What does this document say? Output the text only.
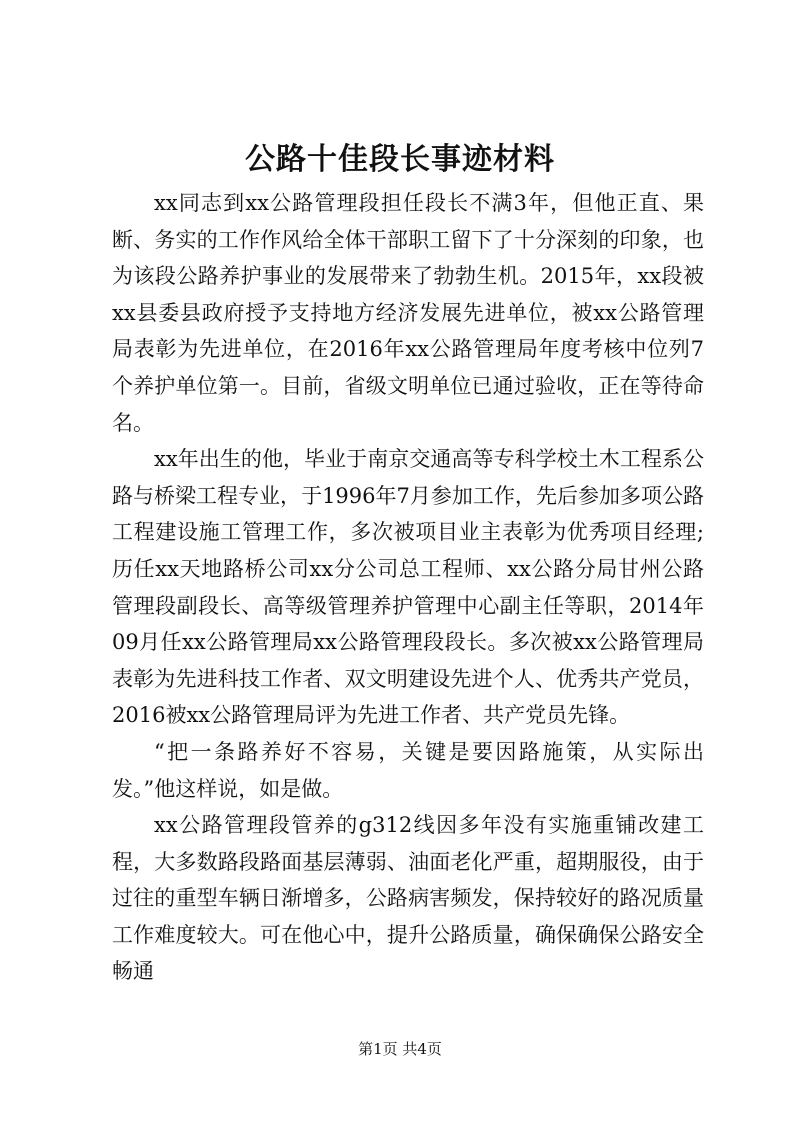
公路十佳段长事迹材料

xx同志到xx公路管理段担任段长不满3年，但他正直、果断、务实的工作作风给全体干部职工留下了十分深刻的印象，也为该段公路养护事业的发展带来了勃勃生机。2015年，xx段被xx县委县政府授予支持地方经济发展先进单位，被xx公路管理局表彰为先进单位，在2016年xx公路管理局年度考核中位列7个养护单位第一。目前，省级文明单位已通过验收，正在等待命名。

xx年出生的他，毕业于南京交通高等专科学校土木工程系公路与桥梁工程专业，于1996年7月参加工作，先后参加多项公路工程建设施工管理工作，多次被项目业主表彰为优秀项目经理;历任xx天地路桥公司xx分公司总工程师、xx公路分局甘州公路管理段副段长、高等级管理养护管理中心副主任等职，2014年09月任xx公路管理局xx公路管理段段长。多次被xx公路管理局表彰为先进科技工作者、双文明建设先进个人、优秀共产党员，2016被xx公路管理局评为先进工作者、共产党员先锋。

“把一条路养好不容易，关键是要因路施策，从实际出发。”他这样说，如是做。

xx公路管理段管养的g312线因多年没有实施重铺改建工程，大多数路段路面基层薄弱、油面老化严重，超期服役，由于过往的重型车辆日渐增多，公路病害频发，保持较好的路况质量工作难度较大。可在他心中，提升公路质量，确保确保公路安全畅通

第1页 共4页
